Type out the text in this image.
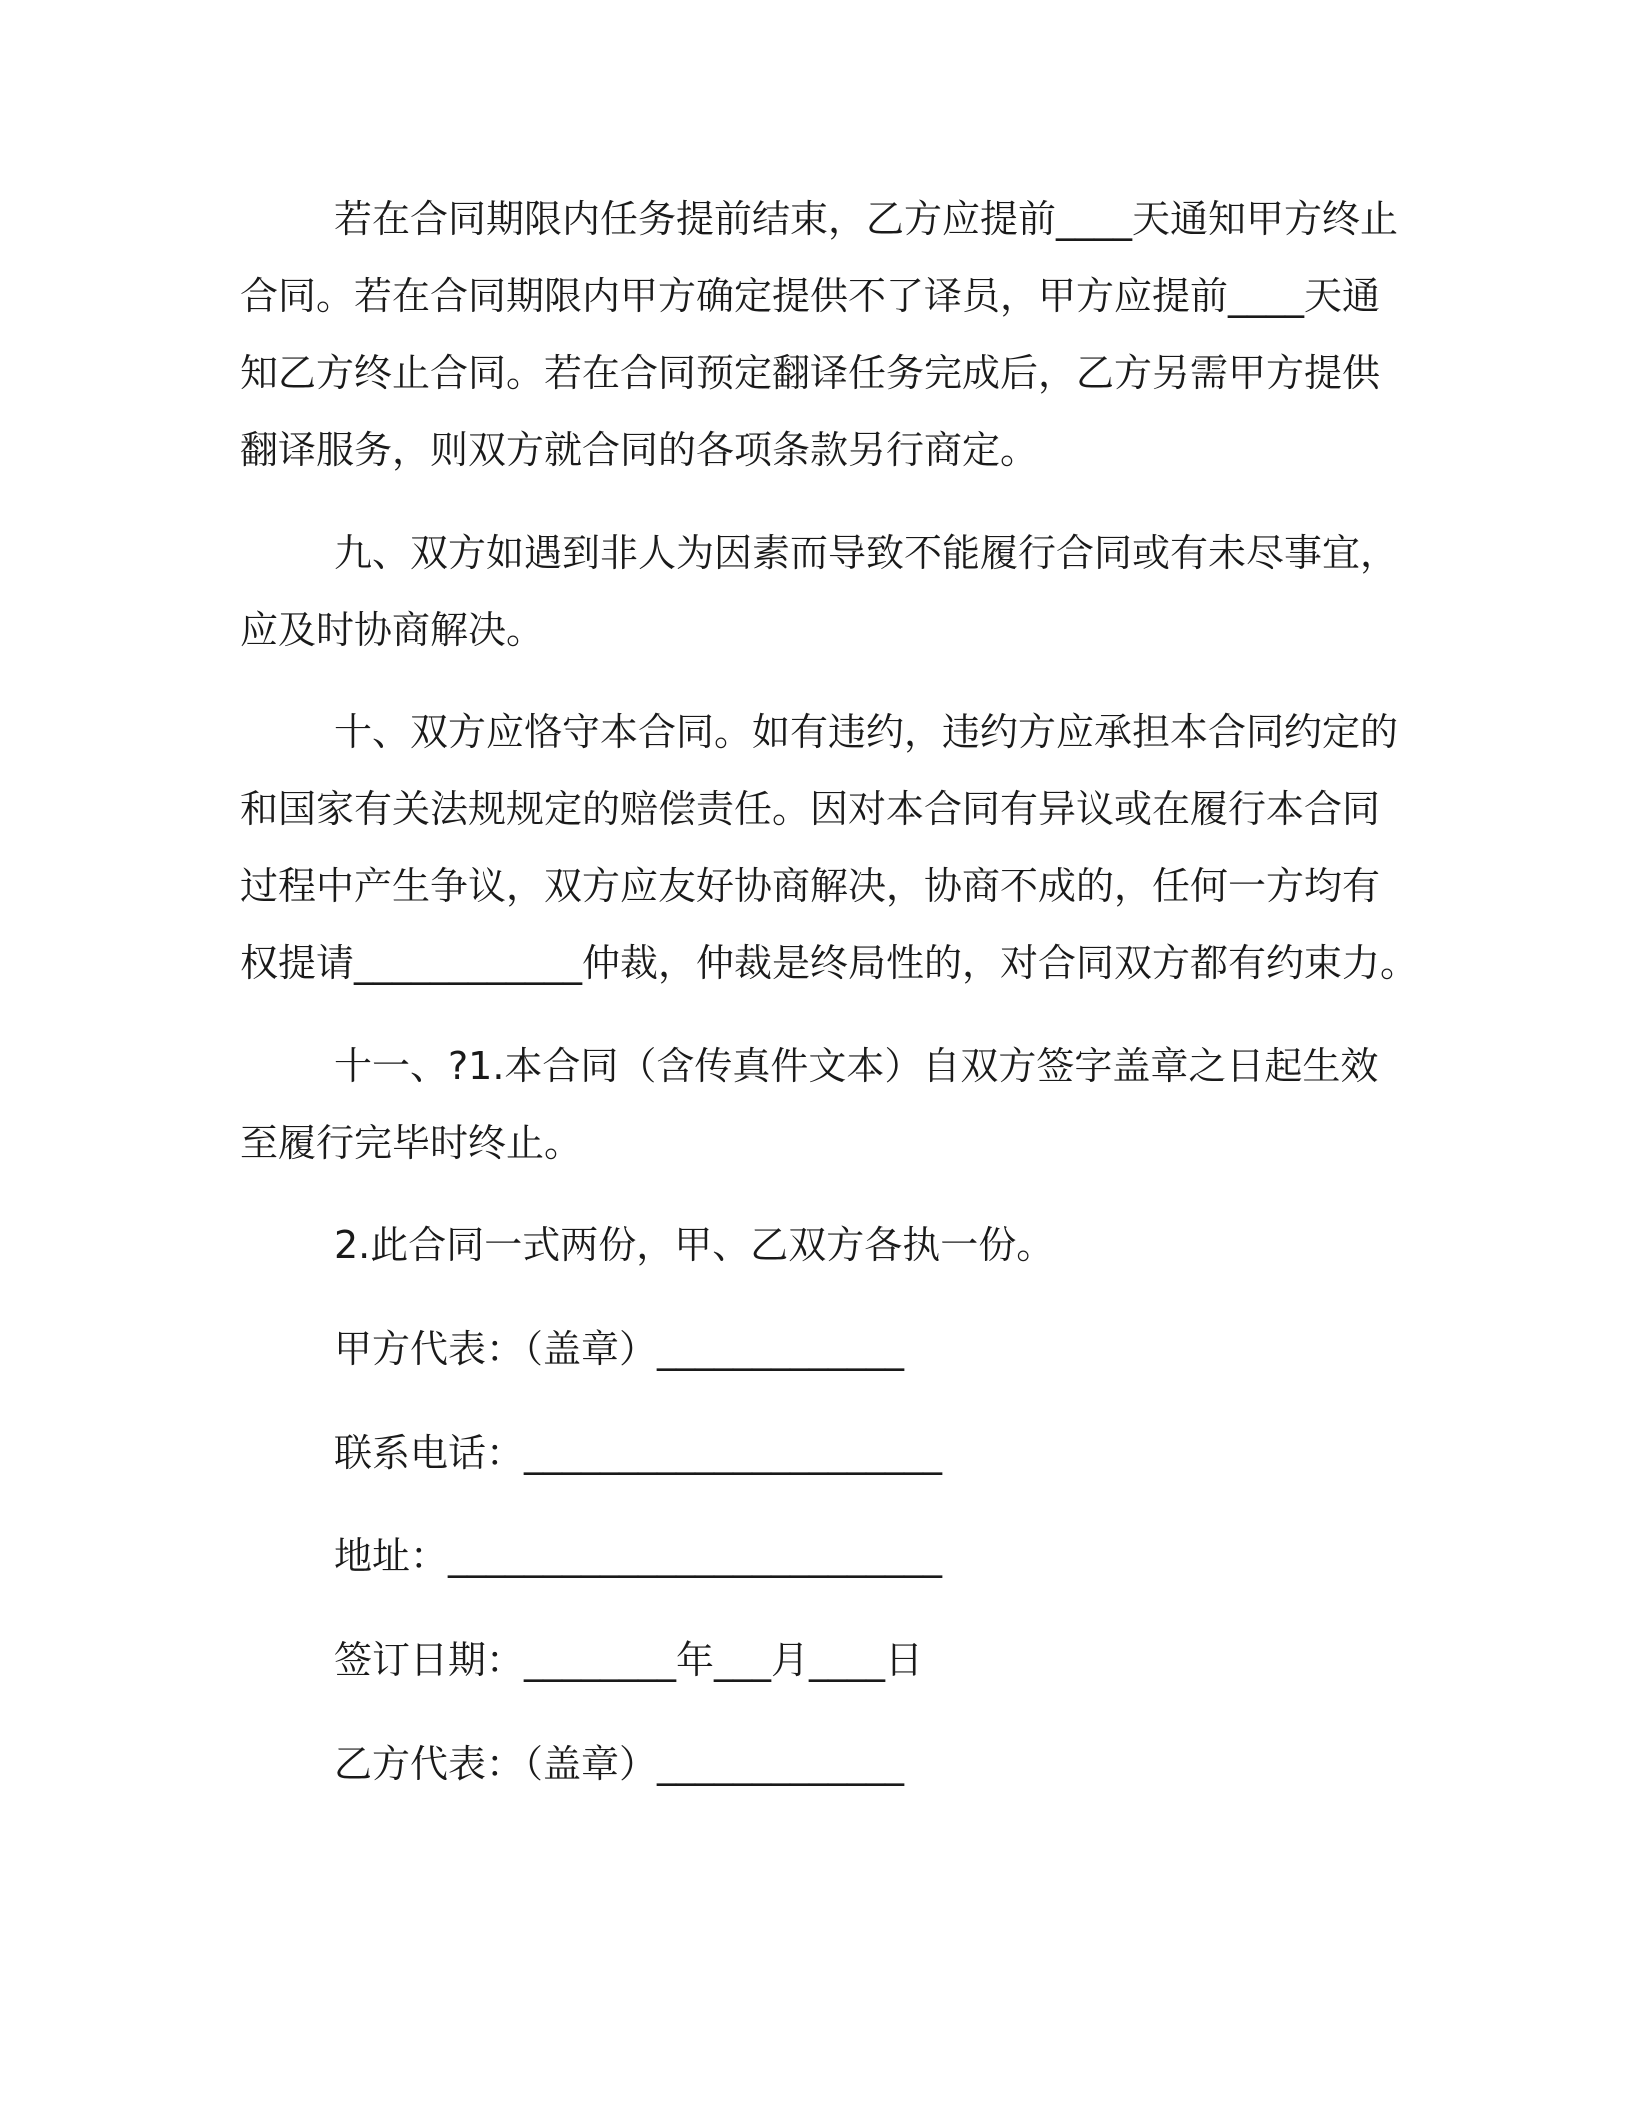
若在合同期限内任务提前结束，乙方应提前____天通知甲方终止
合同。若在合同期限内甲方确定提供不了译员，甲方应提前____天通
知乙方终止合同。若在合同预定翻译任务完成后，乙方另需甲方提供
翻译服务，则双方就合同的各项条款另行商定。
九、双方如遇到非人为因素而导致不能履行合同或有未尽事宜，
应及时协商解决。
十、双方应恪守本合同。如有违约，违约方应承担本合同约定的
和国家有关法规规定的赔偿责任。因对本合同有异议或在履行本合同
过程中产生争议，双方应友好协商解决，协商不成的，任何一方均有
权提请____________仲裁，仲裁是终局性的，对合同双方都有约束力。
十一、?1.本合同（含传真件文本）自双方签字盖章之日起生效
至履行完毕时终止。
2.此合同一式两份，甲、乙双方各执一份。
甲方代表：（盖章）_____________
联系电话：______________________
地址：__________________________
签订日期：________年___月____日
乙方代表：（盖章）_____________
